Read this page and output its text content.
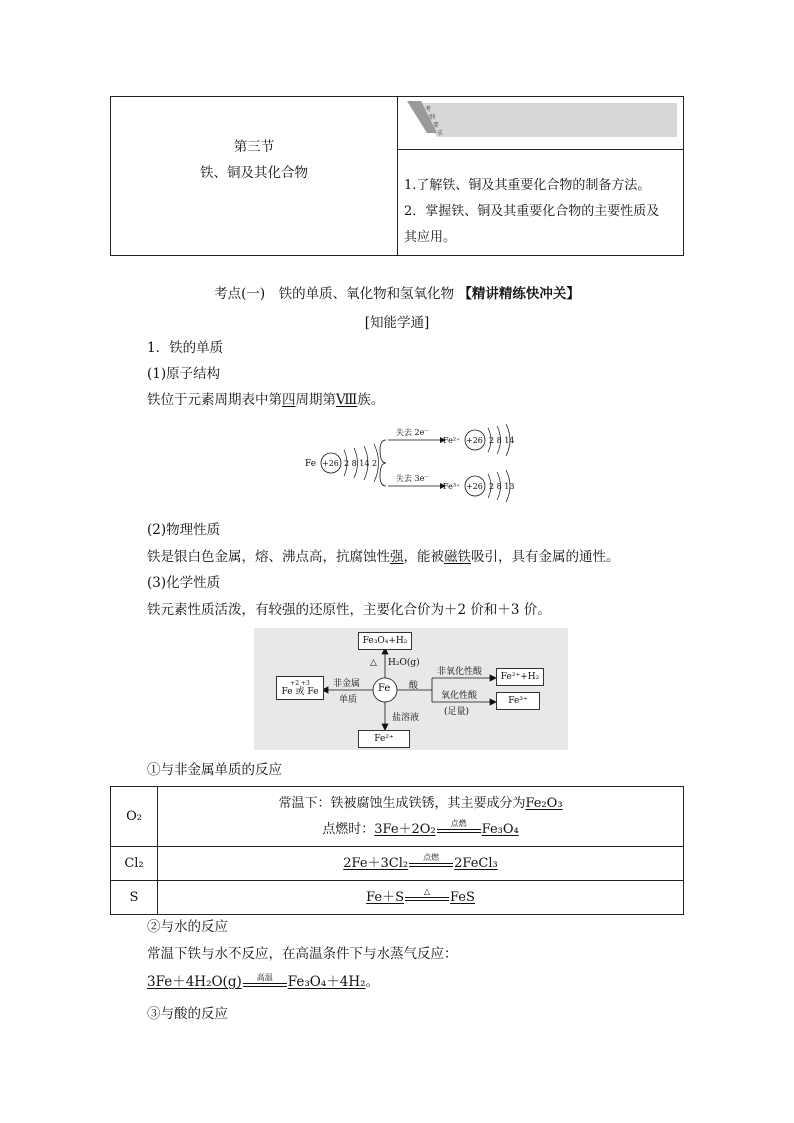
第三节
铁、铜及其化合物
考
纲
要
求
1.了解铁、铜及其重要化合物的制备方法。
2．掌握铁、铜及其重要化合物的主要性质及
其应用。
考点(一)　铁的单质、氧化物和氢氧化物 【精讲精练快冲关】
[知能学通]
1．铁的单质
(1)原子结构
铁位于元素周期表中第四周期第Ⅷ族。
Fe +26 2 8 14 2
失去 2e⁻
失去 3e⁻
Fe²⁺ +26 2 8 14
Fe³⁺ +26 2 8 13
(2)物理性质
铁是银白色金属，熔、沸点高，抗腐蚀性强，能被磁铁吸引，具有金属的通性。
(3)化学性质
铁元素性质活泼，有较强的还原性，主要化合价为＋2 价和＋3 价。
Fe
Fe₃O₄+H₂
△ H₂O(g)
+2 +3
Fe 或 Fe
非金属
单质
酸
非氧化性酸	Fe²⁺+H₂
氧化性酸
(足量)
Fe³⁺
盐溶液
Fe²⁺
①与非金属单质的反应
O₂	常温下：铁被腐蚀生成铁锈，其主要成分为Fe₂O₃
点燃时：3Fe＋2O₂ 点燃 Fe₃O₄

Cl₂	2Fe＋3Cl₂ 点燃 2FeCl₃
S	Fe＋S △ FeS
②与水的反应
常温下铁与水不反应，在高温条件下与水蒸气反应：
3Fe＋4H₂O(g)	高温	Fe₃O₄＋4H₂。
③与酸的反应
